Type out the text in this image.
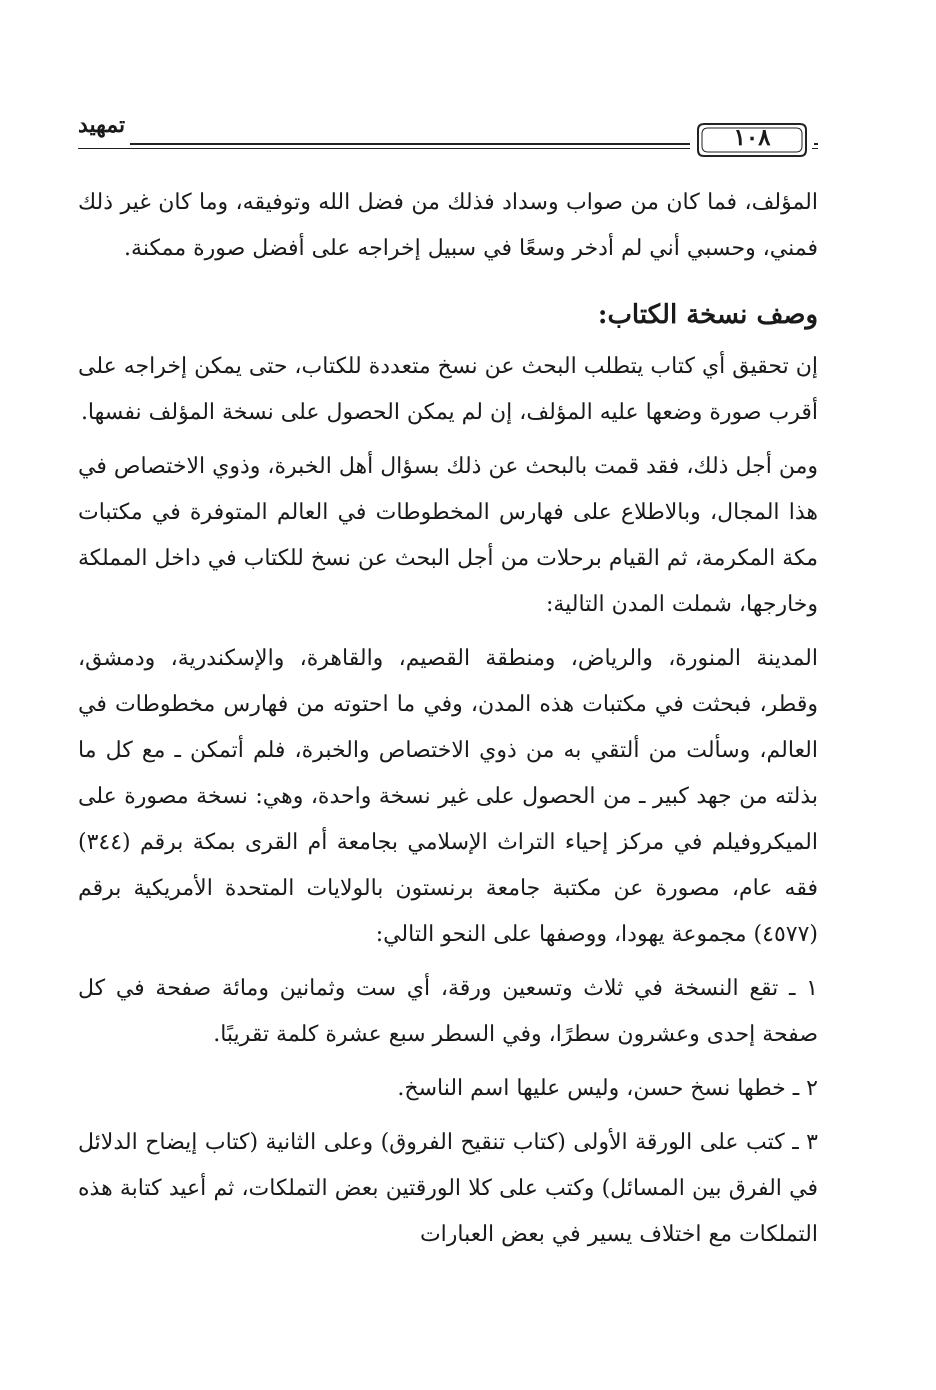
تمهيد	١٠٨

المؤلف، فما كان من صواب وسداد فذلك من فضل الله وتوفيقه، وما كان غير ذلك فمني، وحسبي أني لم أدخر وسعًا في سبيل إخراجه على أفضل صورة ممكنة.

وصف نسخة الكتاب:

إن تحقيق أي كتاب يتطلب البحث عن نسخ متعددة للكتاب، حتى يمكن إخراجه على أقرب صورة وضعها عليه المؤلف، إن لم يمكن الحصول على نسخة المؤلف نفسها.

ومن أجل ذلك، فقد قمت بالبحث عن ذلك بسؤال أهل الخبرة، وذوي الاختصاص في هذا المجال، وبالاطلاع على فهارس المخطوطات في العالم المتوفرة في مكتبات مكة المكرمة، ثم القيام برحلات من أجل البحث عن نسخ للكتاب في داخل المملكة وخارجها، شملت المدن التالية:

المدينة المنورة، والرياض، ومنطقة القصيم، والقاهرة، والإسكندرية، ودمشق، وقطر، فبحثت في مكتبات هذه المدن، وفي ما احتوته من فهارس مخطوطات في العالم، وسألت من ألتقي به من ذوي الاختصاص والخبرة، فلم أتمكن ـ مع كل ما بذلته من جهد كبير ـ من الحصول على غير نسخة واحدة، وهي: نسخة مصورة على الميكروفيلم في مركز إحياء التراث الإسلامي بجامعة أم القرى بمكة برقم (٣٤٤) فقه عام، مصورة عن مكتبة جامعة برنستون بالولايات المتحدة الأمريكية برقم (٤٥٧٧) مجموعة يهودا، ووصفها على النحو التالي:

١ ـ تقع النسخة في ثلاث وتسعين ورقة، أي ست وثمانين ومائة صفحة في كل صفحة إحدى وعشرون سطرًا، وفي السطر سبع عشرة كلمة تقريبًا.

٢ ـ خطها نسخ حسن، وليس عليها اسم الناسخ.

٣ ـ كتب على الورقة الأولى (كتاب تنقيح الفروق) وعلى الثانية (كتاب إيضاح الدلائل في الفرق بين المسائل) وكتب على كلا الورقتين بعض التملكات، ثم أعيد كتابة هذه التملكات مع اختلاف يسير في بعض العبارات
